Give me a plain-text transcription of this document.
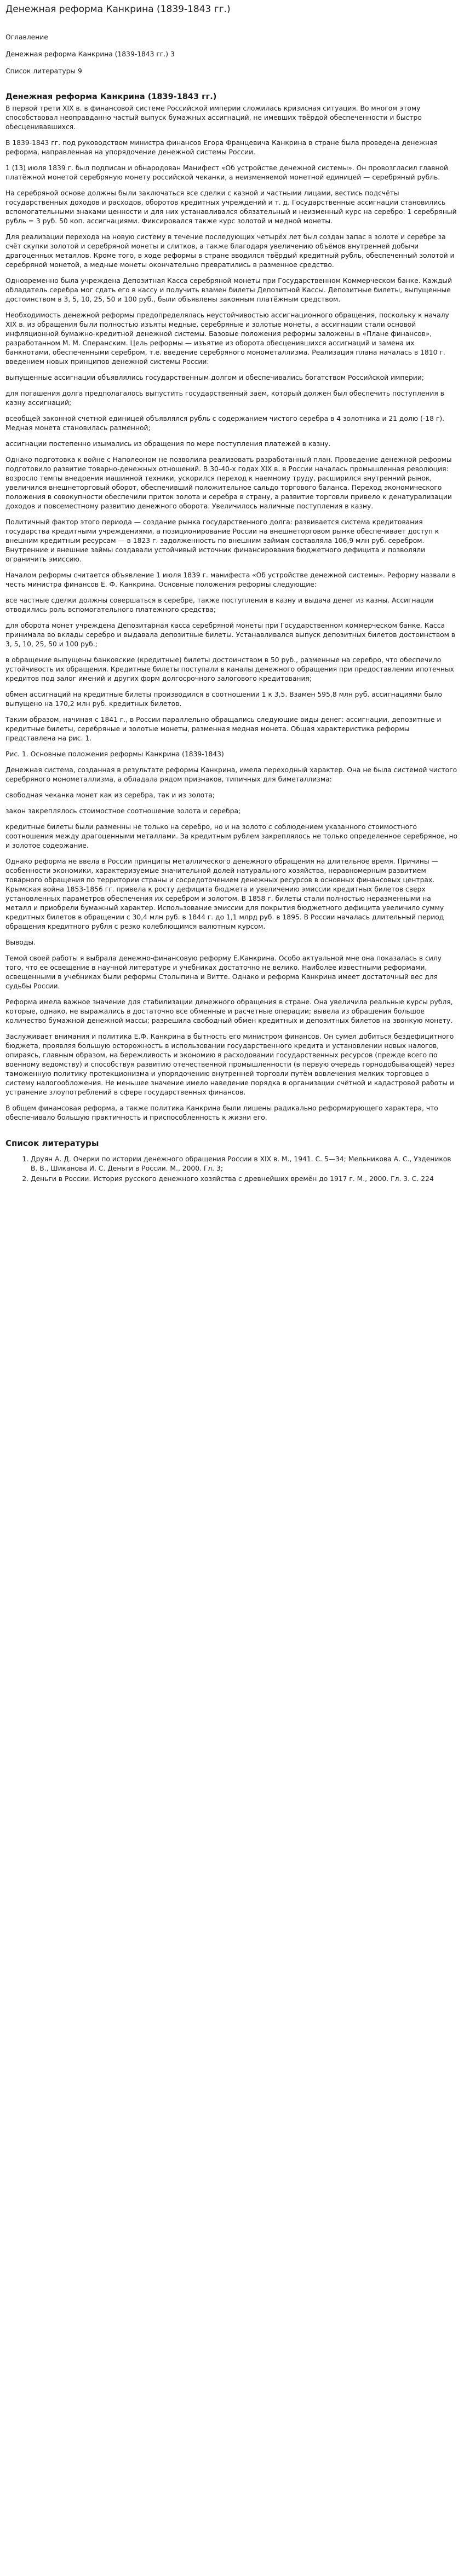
Денежная реформа Канкрина (1839-1843 гг.)
Оглавление
Денежная реформа Канкрина (1839-1843 гг.) 3
Список литературы 9
Денежная реформа Канкрина (1839-1843 гг.)

В первой трети XIX в. в финансовой системе Российской империи сложилась кризисная ситуация. Во многом этому способствовал неоправданно частый выпуск бумажных ассигнаций, не имевших твёрдой обеспеченности и быстро обесценивавшихся.

В 1839-1843 гг. под руководством министра финансов Егора Францевича Канкрина в стране была проведена денежная реформа, направленная на упорядочение денежной системы России.

1 (13) июля 1839 г. был подписан и обнародован Манифест «Об устройстве денежной системы». Он провозгласил главной платёжной монетой серебряную монету российской чеканки, а неизменяемой монетной единицей — серебряный рубль.

На серебряной основе должны были заключаться все сделки с казной и частными лицами, вестись подсчёты государственных доходов и расходов, оборотов кредитных учреждений и т. д. Государственные ассигнации становились вспомогательными знаками ценности и для них устанавливался обязательный и неизменный курс на серебро: 1 серебряный рубль = 3 руб. 50 коп. ассигнациями. Фиксировался также курс золотой и медной монеты.

Для реализации перехода на новую систему в течение последующих четырёх лет был создан запас в золоте и серебре за счёт скупки золотой и серебряной монеты и слитков, а также благодаря увеличению объёмов внутренней добычи драгоценных металлов. Кроме того, в ходе реформы в стране вводился твёрдый кредитный рубль, обеспеченный золотой и серебряной монетой, а медные монеты окончательно превратились в разменное средство.

Одновременно была учреждена Депозитная Касса серебряной монеты при Государственном Коммерческом банке. Каждый обладатель серебра мог сдать его в кассу и получить взамен билеты Депозитной Кассы. Депозитные билеты, выпущенные достоинством в 3, 5, 10, 25, 50 и 100 руб., были объявлены законным платёжным средством.

Необходимость денежной реформы предопределялась неустойчивостью ассигнационного обращения, поскольку к началу XIX в. из обращения были полностью изъяты медные, серебряные и золотые монеты, а ассигнации стали основой инфляционной бумажно-кредитной денежной системы. Базовые положения реформы заложены в «Плане финансов», разработанном М. М. Сперанским. Цель реформы — изъятие из оборота обесценившихся ассигнаций и замена их банкнотами, обеспеченными серебром, т.е. введение серебряного монометаллизма. Реализация плана началась в 1810 г. введением новых принципов денежной системы России:

выпущенные ассигнации объявлялись государственным долгом и обеспечивались богатством Российской империи;

для погашения долга предполагалось выпустить государственный заем, который должен был обеспечить поступления в казну ассигнаций;

всеобщей законной счетной единицей объявлялся рубль с содержанием чистого серебра в 4 золотника и 21 долю (-18 г). Медная монета становилась разменной;

ассигнации постепенно изымались из обращения по мере поступления платежей в казну.

Однако подготовка к войне с Наполеоном не позволила реализовать разработанный план. Проведение денежной реформы подготовило развитие товарно-денежных отношений. В 30-40-х годах XIX в. в России началась промышленная революция: возросло темпы внедрения машинной техники, ускорился переход к наемному труду, расширился внутренний рынок, увеличился внешнеторговый оборот, обеспечивший положительное сальдо торгового баланса. Переход экономического положения в совокупности обеспечили приток золота и серебра в страну, а развитие торговли привело к денатурализации доходов и повсеместному развитию денежного оборота. Увеличилось наличные поступления в казну.

Политичный фактор этого периода — создание рынка государственного долга: развивается система кредитования государства кредитными учреждениями, а позиционирование России на внешнеторговом рынке обеспечивает доступ к внешним кредитным ресурсам — в 1823 г. задолженность по внешним займам составляла 106,9 млн руб. серебром. Внутренние и внешние займы создавали устойчивый источник финансирования бюджетного дефицита и позволяли ограничить эмиссию.

Началом реформы считается объявление 1 июля 1839 г. манифеста «Об устройстве денежной системы». Реформу назвали в честь министра финансов Е. Ф. Канкрина. Основные положения реформы следующие:

все частные сделки должны совершаться в серебре, также поступления в казну и выдача денег из казны. Ассигнации отводились роль вспомогательного платежного средства;

для оборота монет учреждена Депозитарная касса серебряной монеты при Государственном коммерческом банке. Касса принимала во вклады серебро и выдавала депозитные билеты. Устанавливался выпуск депозитных билетов достоинством в 3, 5, 10, 25, 50 и 100 руб.;

в обращение выпущены банковские (кредитные) билеты достоинством в 50 руб., разменные на серебро, что обеспечило устойчивость их обращения. Кредитные билеты поступали в каналы денежного обращения при предоставлении ипотечных кредитов под залог имений и других форм долгосрочного залогового кредитования;

обмен ассигнаций на кредитные билеты производился в соотношении 1 к 3,5. Взамен 595,8 млн руб. ассигнациями было выпущено на 170,2 млн руб. кредитных билетов.

Таким образом, начиная с 1841 г., в России параллельно обращались следующие виды денег: ассигнации, депозитные и кредитные билеты, серебряные и золотые монеты, разменная медная монета. Общая характеристика реформы представлена на рис. 1.

Рис. 1. Основные положения реформы Канкрина (1839-1843)

Денежная система, созданная в результате реформы Канкрина, имела переходный характер. Она не была системой чистого серебряного монометаллизма, а обладала рядом признаков, типичных для биметаллизма:

свободная чеканка монет как из серебра, так и из золота;

закон закреплялось стоимостное соотношение золота и серебра;

кредитные билеты были разменны не только на серебро, но и на золото с соблюдением указанного стоимостного соотношения между драгоценными металлами. За кредитным рублем закреплялось не только определенное серебряное, но и золотое содержание.

Однако реформа не ввела в России принципы металлического денежного обращения на длительное время. Причины — особенности экономики, характеризуемые значительной долей натурального хозяйства, неравномерным развитием товарного обращения по территории страны и сосредоточением денежных ресурсов в основных финансовых центрах. Крымская война 1853-1856 гг. привела к росту дефицита бюджета и увеличению эмиссии кредитных билетов сверх установленных параметров обеспечения их серебром и золотом. В 1858 г. билеты стали полностью неразменными на металл и приобрели бумажный характер. Использование эмиссии для покрытия бюджетного дефицита увеличило сумму кредитных билетов в обращении с 30,4 млн руб. в 1844 г. до 1,1 млрд руб. в 1895. В России началась длительный период обращения кредитного рубля с резко колеблющимся валютным курсом.

Выводы.

Темой своей работы я выбрала денежно-финансовую реформу Е.Канкрина. Особо актуальной мне она показалась в силу того, что ее освещение в научной литературе и учебниках достаточно не велико. Наиболее известными реформами, освещенными в учебниках были реформы Столыпина и Витте. Однако и реформа Канкрина имеет достаточный вес для судьбы России.

Реформа имела важное значение для стабилизации денежного обращения в стране. Она увеличила реальные курсы рубля, которые, однако, не выражались в достаточно все обменные и расчетные операции; вывела из обращения большое количество бумажной денежной массы; разрешила свободный обмен кредитных и депозитных билетов на звонкую монету.

Заслуживает внимания и политика Е.Ф. Канкрина в бытность его министром финансов. Он сумел добиться бездефицитного бюджета, проявляя большую осторожность в использовании государственного кредита и установлении новых налогов, опираясь, главным образом, на бережливость и экономию в расходовании государственных ресурсов (прежде всего по военному ведомству) и способствуя развитию отечественной промышленности (в первую очередь горнодобывающей) через таможенную политику протекционизма и упорядочению внутренней торговли путём вовлечения мелких торговцев в систему налогообложения. Не меньшее значение имело наведение порядка в организации счётной и кадастровой работы и устранение злоупотреблений в сфере государственных финансов.

В общем финансовая реформа, а также политика Канкрина были лишены радикально реформирующего характера, что обеспечивало большую практичность и приспособленность к жизни его.

Список литературы
1. Друян А. Д. Очерки по истории денежного обращения России в XIX в. М., 1941. С. 5—34; Мельникова А. С., Уздеников В. В., Шиканова И. С. Деньги в России. М., 2000. Гл. 3;
2. Деньги в России. История русского денежного хозяйства с древнейших времён до 1917 г. М., 2000. Гл. 3. С. 224
